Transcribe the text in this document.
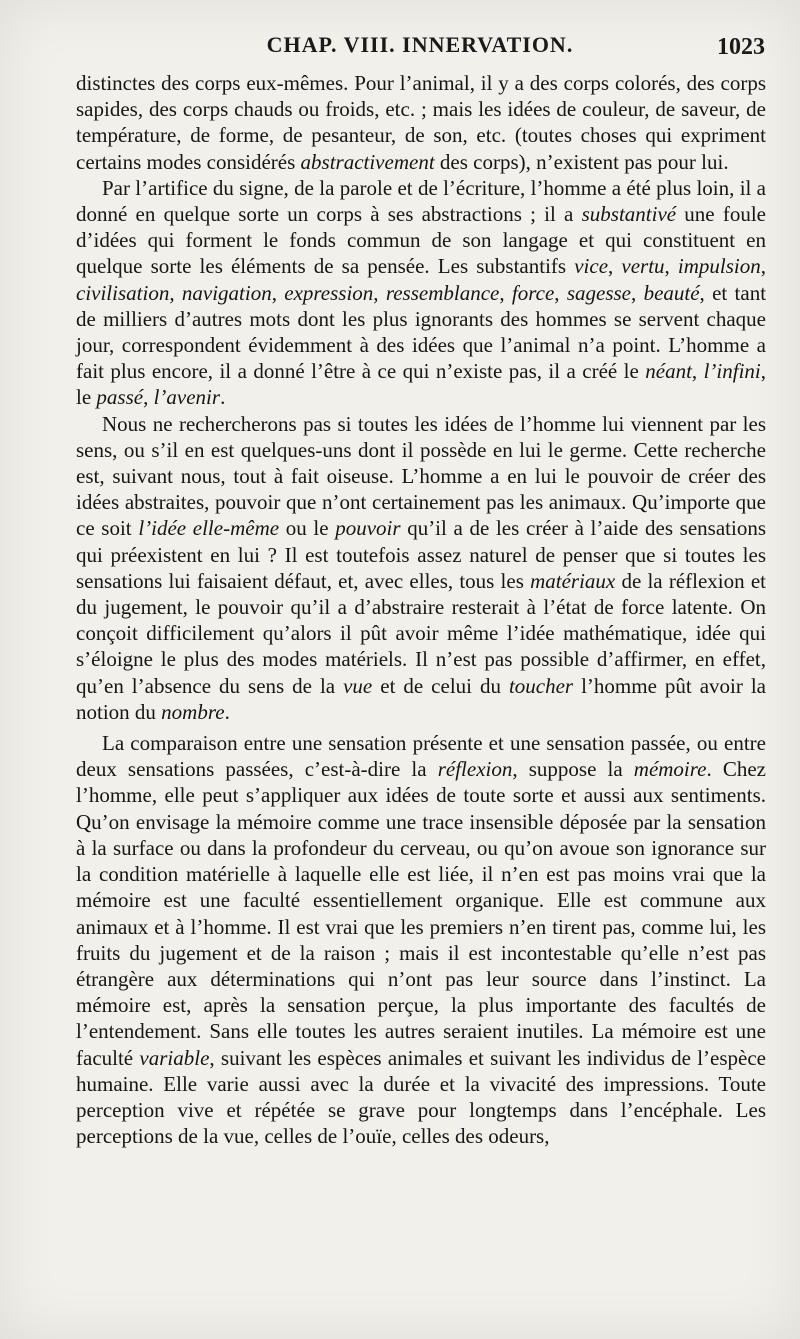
CHAP. VIII. INNERVATION.	1023

distinctes des corps eux-mêmes. Pour l’animal, il y a des corps colorés, des corps sapides, des corps chauds ou froids, etc. ; mais les idées de couleur, de saveur, de température, de forme, de pesanteur, de son, etc. (toutes choses qui expriment certains modes considérés abstractivement des corps), n’existent pas pour lui.

Par l’artifice du signe, de la parole et de l’écriture, l’homme a été plus loin, il a donné en quelque sorte un corps à ses abstractions ; il a substantivé une foule d’idées qui forment le fonds commun de son langage et qui constituent en quelque sorte les éléments de sa pensée. Les substantifs vice, vertu, impulsion, civilisation, navigation, expression, ressemblance, force, sagesse, beauté, et tant de milliers d’autres mots dont les plus ignorants des hommes se servent chaque jour, correspondent évidemment à des idées que l’animal n’a point. L’homme a fait plus encore, il a donné l’être à ce qui n’existe pas, il a créé le néant, l’infini, le passé, l’avenir.

Nous ne rechercherons pas si toutes les idées de l’homme lui viennent par les sens, ou s’il en est quelques-uns dont il possède en lui le germe. Cette recherche est, suivant nous, tout à fait oiseuse. L’homme a en lui le pouvoir de créer des idées abstraites, pouvoir que n’ont certainement pas les animaux. Qu’importe que ce soit l’idée elle-même ou le pouvoir qu’il a de les créer à l’aide des sensations qui préexistent en lui ? Il est toutefois assez naturel de penser que si toutes les sensations lui faisaient défaut, et, avec elles, tous les matériaux de la réflexion et du jugement, le pouvoir qu’il a d’abstraire resterait à l’état de force latente. On conçoit difficilement qu’alors il pût avoir même l’idée mathématique, idée qui s’éloigne le plus des modes matériels. Il n’est pas possible d’affirmer, en effet, qu’en l’absence du sens de la vue et de celui du toucher l’homme pût avoir la notion du nombre.

La comparaison entre une sensation présente et une sensation passée, ou entre deux sensations passées, c’est-à-dire la réflexion, suppose la mémoire. Chez l’homme, elle peut s’appliquer aux idées de toute sorte et aussi aux sentiments. Qu’on envisage la mémoire comme une trace insensible déposée par la sensation à la surface ou dans la profondeur du cerveau, ou qu’on avoue son ignorance sur la condition matérielle à laquelle elle est liée, il n’en est pas moins vrai que la mémoire est une faculté essentiellement organique. Elle est commune aux animaux et à l’homme. Il est vrai que les premiers n’en tirent pas, comme lui, les fruits du jugement et de la raison ; mais il est incontestable qu’elle n’est pas étrangère aux déterminations qui n’ont pas leur source dans l’instinct. La mémoire est, après la sensation perçue, la plus importante des facultés de l’entendement. Sans elle toutes les autres seraient inutiles. La mémoire est une faculté variable, suivant les espèces animales et suivant les individus de l’espèce humaine. Elle varie aussi avec la durée et la vivacité des impressions. Toute perception vive et répétée se grave pour longtemps dans l’encéphale. Les perceptions de la vue, celles de l’ouïe, celles des odeurs,
